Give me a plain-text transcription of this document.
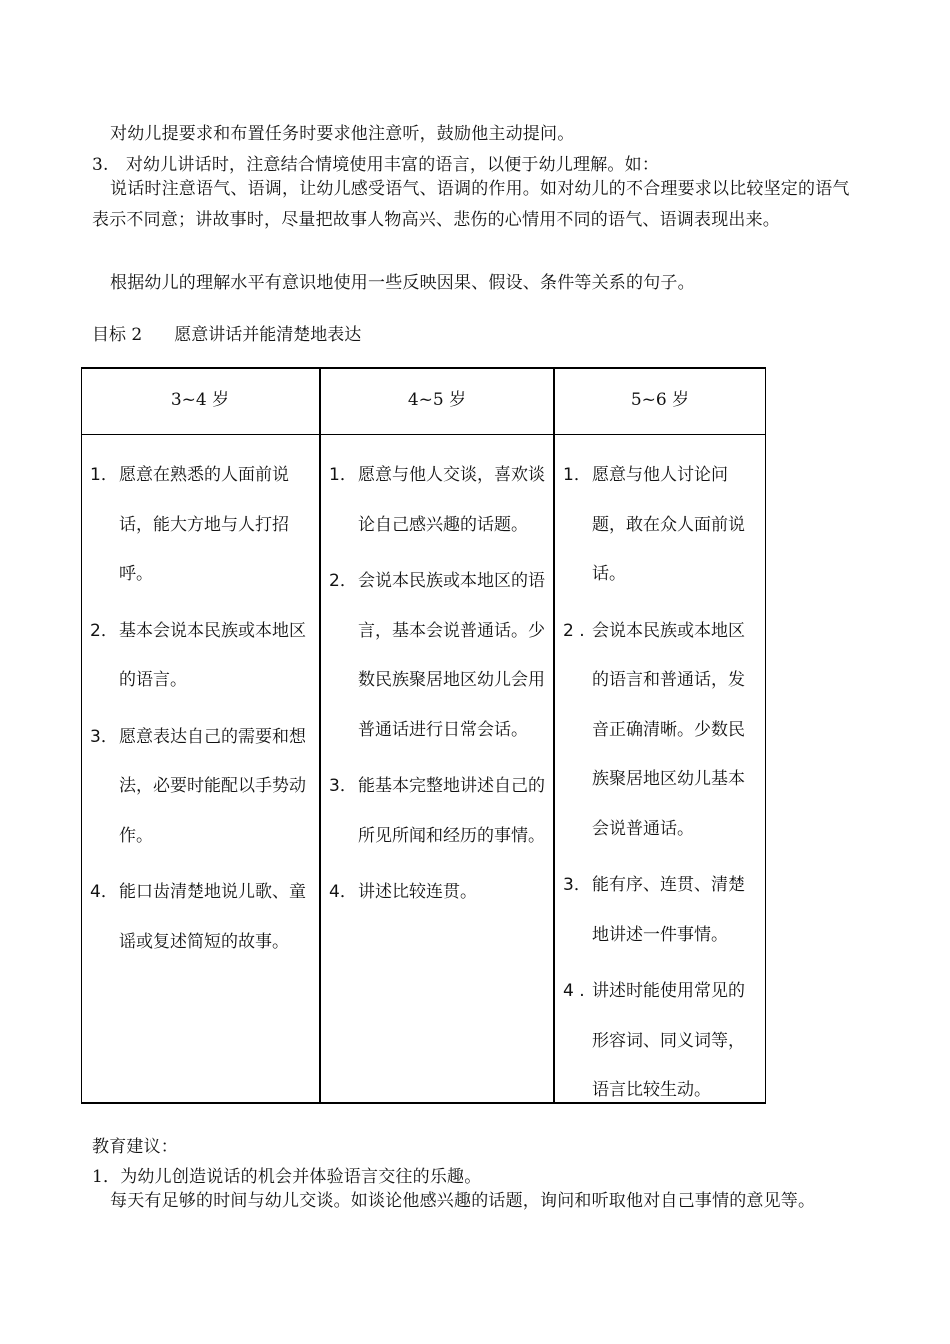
对幼儿提要求和布置任务时要求他注意听，鼓励他主动提问。
3.　对幼儿讲话时，注意结合情境使用丰富的语言，以便于幼儿理解。如：
说话时注意语气、语调，让幼儿感受语气、语调的作用。如对幼儿的不合理要求以比较坚定的语气表示不同意；讲故事时，尽量把故事人物高兴、悲伤的心情用不同的语气、语调表现出来。
根据幼儿的理解水平有意识地使用一些反映因果、假设、条件等关系的句子。
目标 2 愿意讲话并能清楚地表达
3~4 岁	4~5 岁	5~6 岁
1． 愿意在熟悉的人面前说话，能大方地与人打招呼。
2． 基本会说本民族或本地区的语言。
3． 愿意表达自己的需要和想法，必要时能配以手势动作。
4． 能口齿清楚地说儿歌、童谣或复述简短的故事。
1． 愿意与他人交谈，喜欢谈论自己感兴趣的话题。
2． 会说本民族或本地区的语言，基本会说普通话。少数民族聚居地区幼儿会用普通话进行日常会话。
3． 能基本完整地讲述自己的所见所闻和经历的事情。
4． 讲述比较连贯。
1． 愿意与他人讨论问题，敢在众人面前说话。
2 . 会说本民族或本地区的语言和普通话，发音正确清晰。少数民族聚居地区幼儿基本会说普通话。
3． 能有序、连贯、清楚地讲述一件事情。
4 . 讲述时能使用常见的形容词、同义词等，语言比较生动。
教育建议：
1．为幼儿创造说话的机会并体验语言交往的乐趣。
每天有足够的时间与幼儿交谈。如谈论他感兴趣的话题，询问和听取他对自己事情的意见等。
